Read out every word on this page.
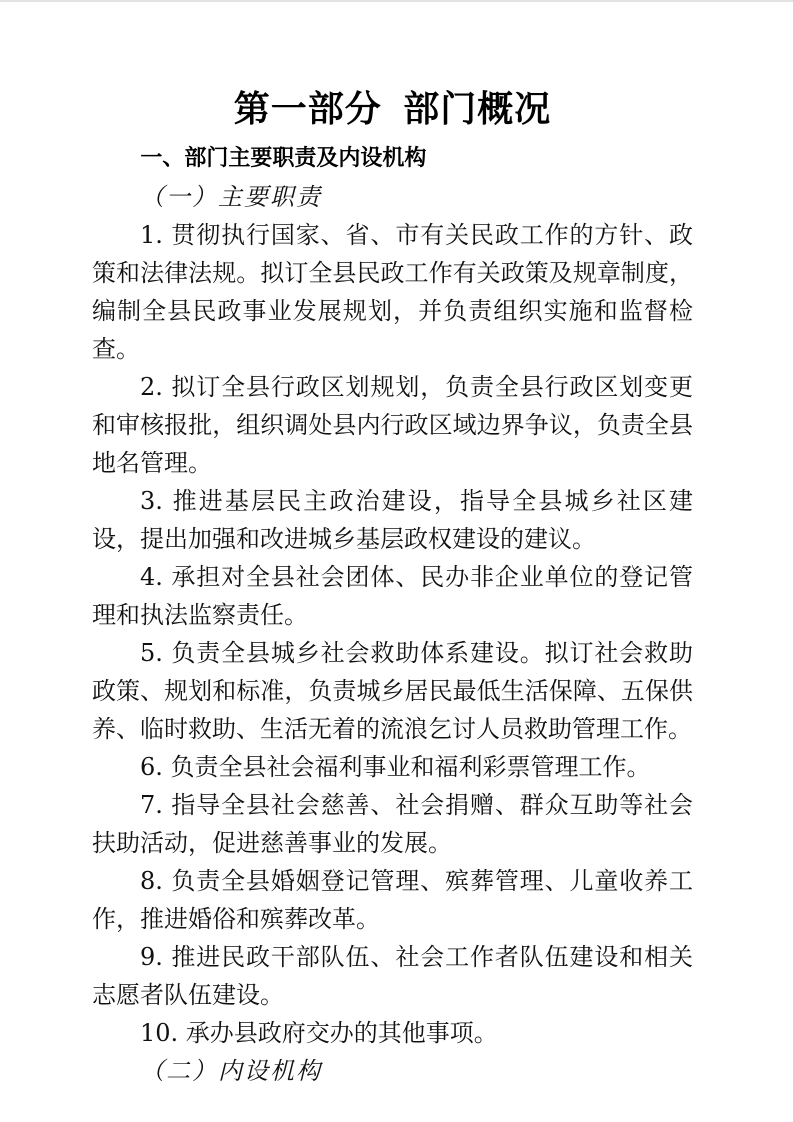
第一部分 部门概况
一、部门主要职责及内设机构
（一）主要职责

1. 贯彻执行国家、省、市有关民政工作的方针、政策和法律法规。拟订全县民政工作有关政策及规章制度，编制全县民政事业发展规划，并负责组织实施和监督检查。

2. 拟订全县行政区划规划，负责全县行政区划变更和审核报批，组织调处县内行政区域边界争议，负责全县地名管理。

3. 推进基层民主政治建设，指导全县城乡社区建设，提出加强和改进城乡基层政权建设的建议。

4. 承担对全县社会团体、民办非企业单位的登记管理和执法监察责任。

5. 负责全县城乡社会救助体系建设。拟订社会救助政策、规划和标准，负责城乡居民最低生活保障、五保供养、临时救助、生活无着的流浪乞讨人员救助管理工作。

6. 负责全县社会福利事业和福利彩票管理工作。

7. 指导全县社会慈善、社会捐赠、群众互助等社会扶助活动，促进慈善事业的发展。

8. 负责全县婚姻登记管理、殡葬管理、儿童收养工作，推进婚俗和殡葬改革。

9. 推进民政干部队伍、社会工作者队伍建设和相关志愿者队伍建设。

10. 承办县政府交办的其他事项。

（二）内设机构
